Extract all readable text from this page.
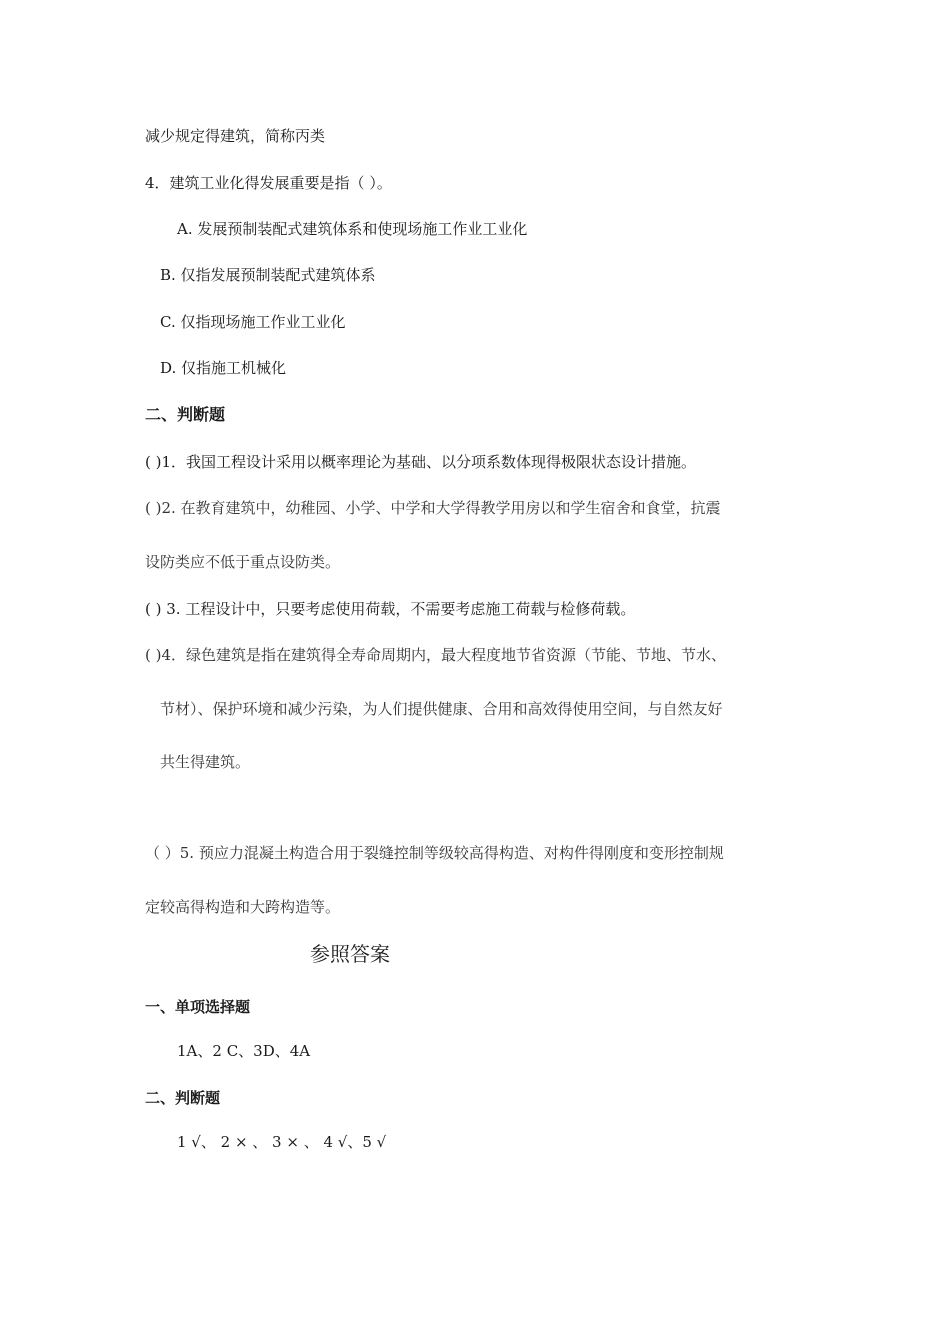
减少规定得建筑，简称丙类
4．建筑工业化得发展重要是指（ ）。
A. 发展预制装配式建筑体系和使现场施工作业工业化
B. 仅指发展预制装配式建筑体系
C. 仅指现场施工作业工业化
D. 仅指施工机械化
二、判断题
( )1．我国工程设计采用以概率理论为基础、以分项系数体现得极限状态设计措施。
( )2. 在教育建筑中，幼稚园、小学、中学和大学得教学用房以和学生宿舍和食堂，抗震
设防类应不低于重点设防类。
( ) 3. 工程设计中，只要考虑使用荷载，不需要考虑施工荷载与检修荷载。
( )4．绿色建筑是指在建筑得全寿命周期内，最大程度地节省资源（节能、节地、节水、
节材）、保护环境和减少污染，为人们提供健康、合用和高效得使用空间，与自然友好
共生得建筑。
（ ）5. 预应力混凝土构造合用于裂缝控制等级较高得构造、对构件得刚度和变形控制规
定较高得构造和大跨构造等。
参照答案
一、单项选择题
1A、2 C、3D、4A
二、判断题
1 √、 2 × 、 3 × 、 4 √、5 √
